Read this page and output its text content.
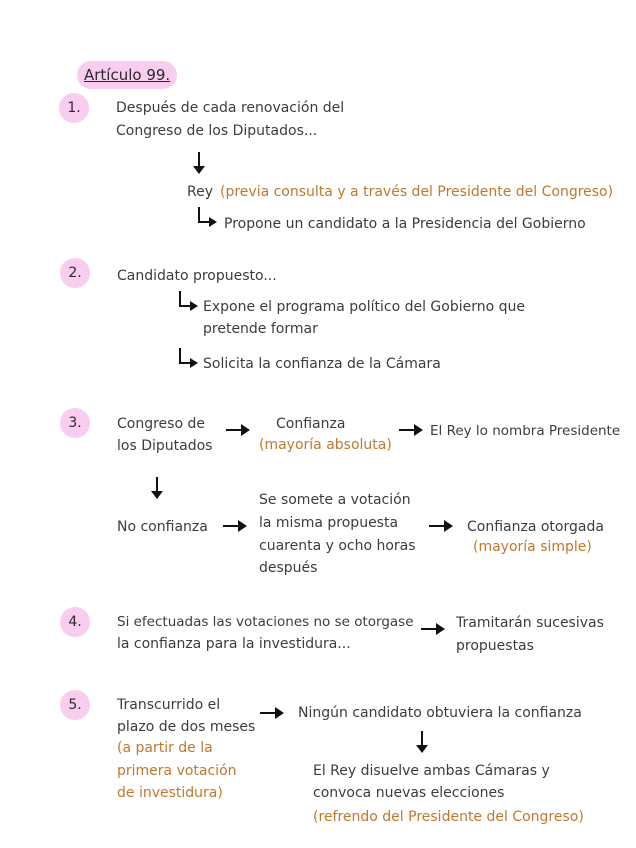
Artículo 99.
1.	Después de cada renovación del
Congreso de los Diputados...
Rey (previa consulta y a través del Presidente del Congreso)
Propone un candidato a la Presidencia del Gobierno
2.	Candidato propuesto...
Expone el programa político del Gobierno que
pretende formar
Solicita la confianza de la Cámara
3.	Congreso de
los Diputados
Confianza
(mayoría absoluta)
El Rey lo nombra Presidente
No confianza
Se somete a votación
la misma propuesta
cuarenta y ocho horas
después
Confianza otorgada
(mayoría simple)
4.	Si efectuadas las votaciones no se otorgase
la confianza para la investidura...
Tramitarán sucesivas
propuestas
5.	Transcurrido el
plazo de dos meses
(a partir de la
primera votación
de investidura)
Ningún candidato obtuviera la confianza
El Rey disuelve ambas Cámaras y
convoca nuevas elecciones
(refrendo del Presidente del Congreso)
